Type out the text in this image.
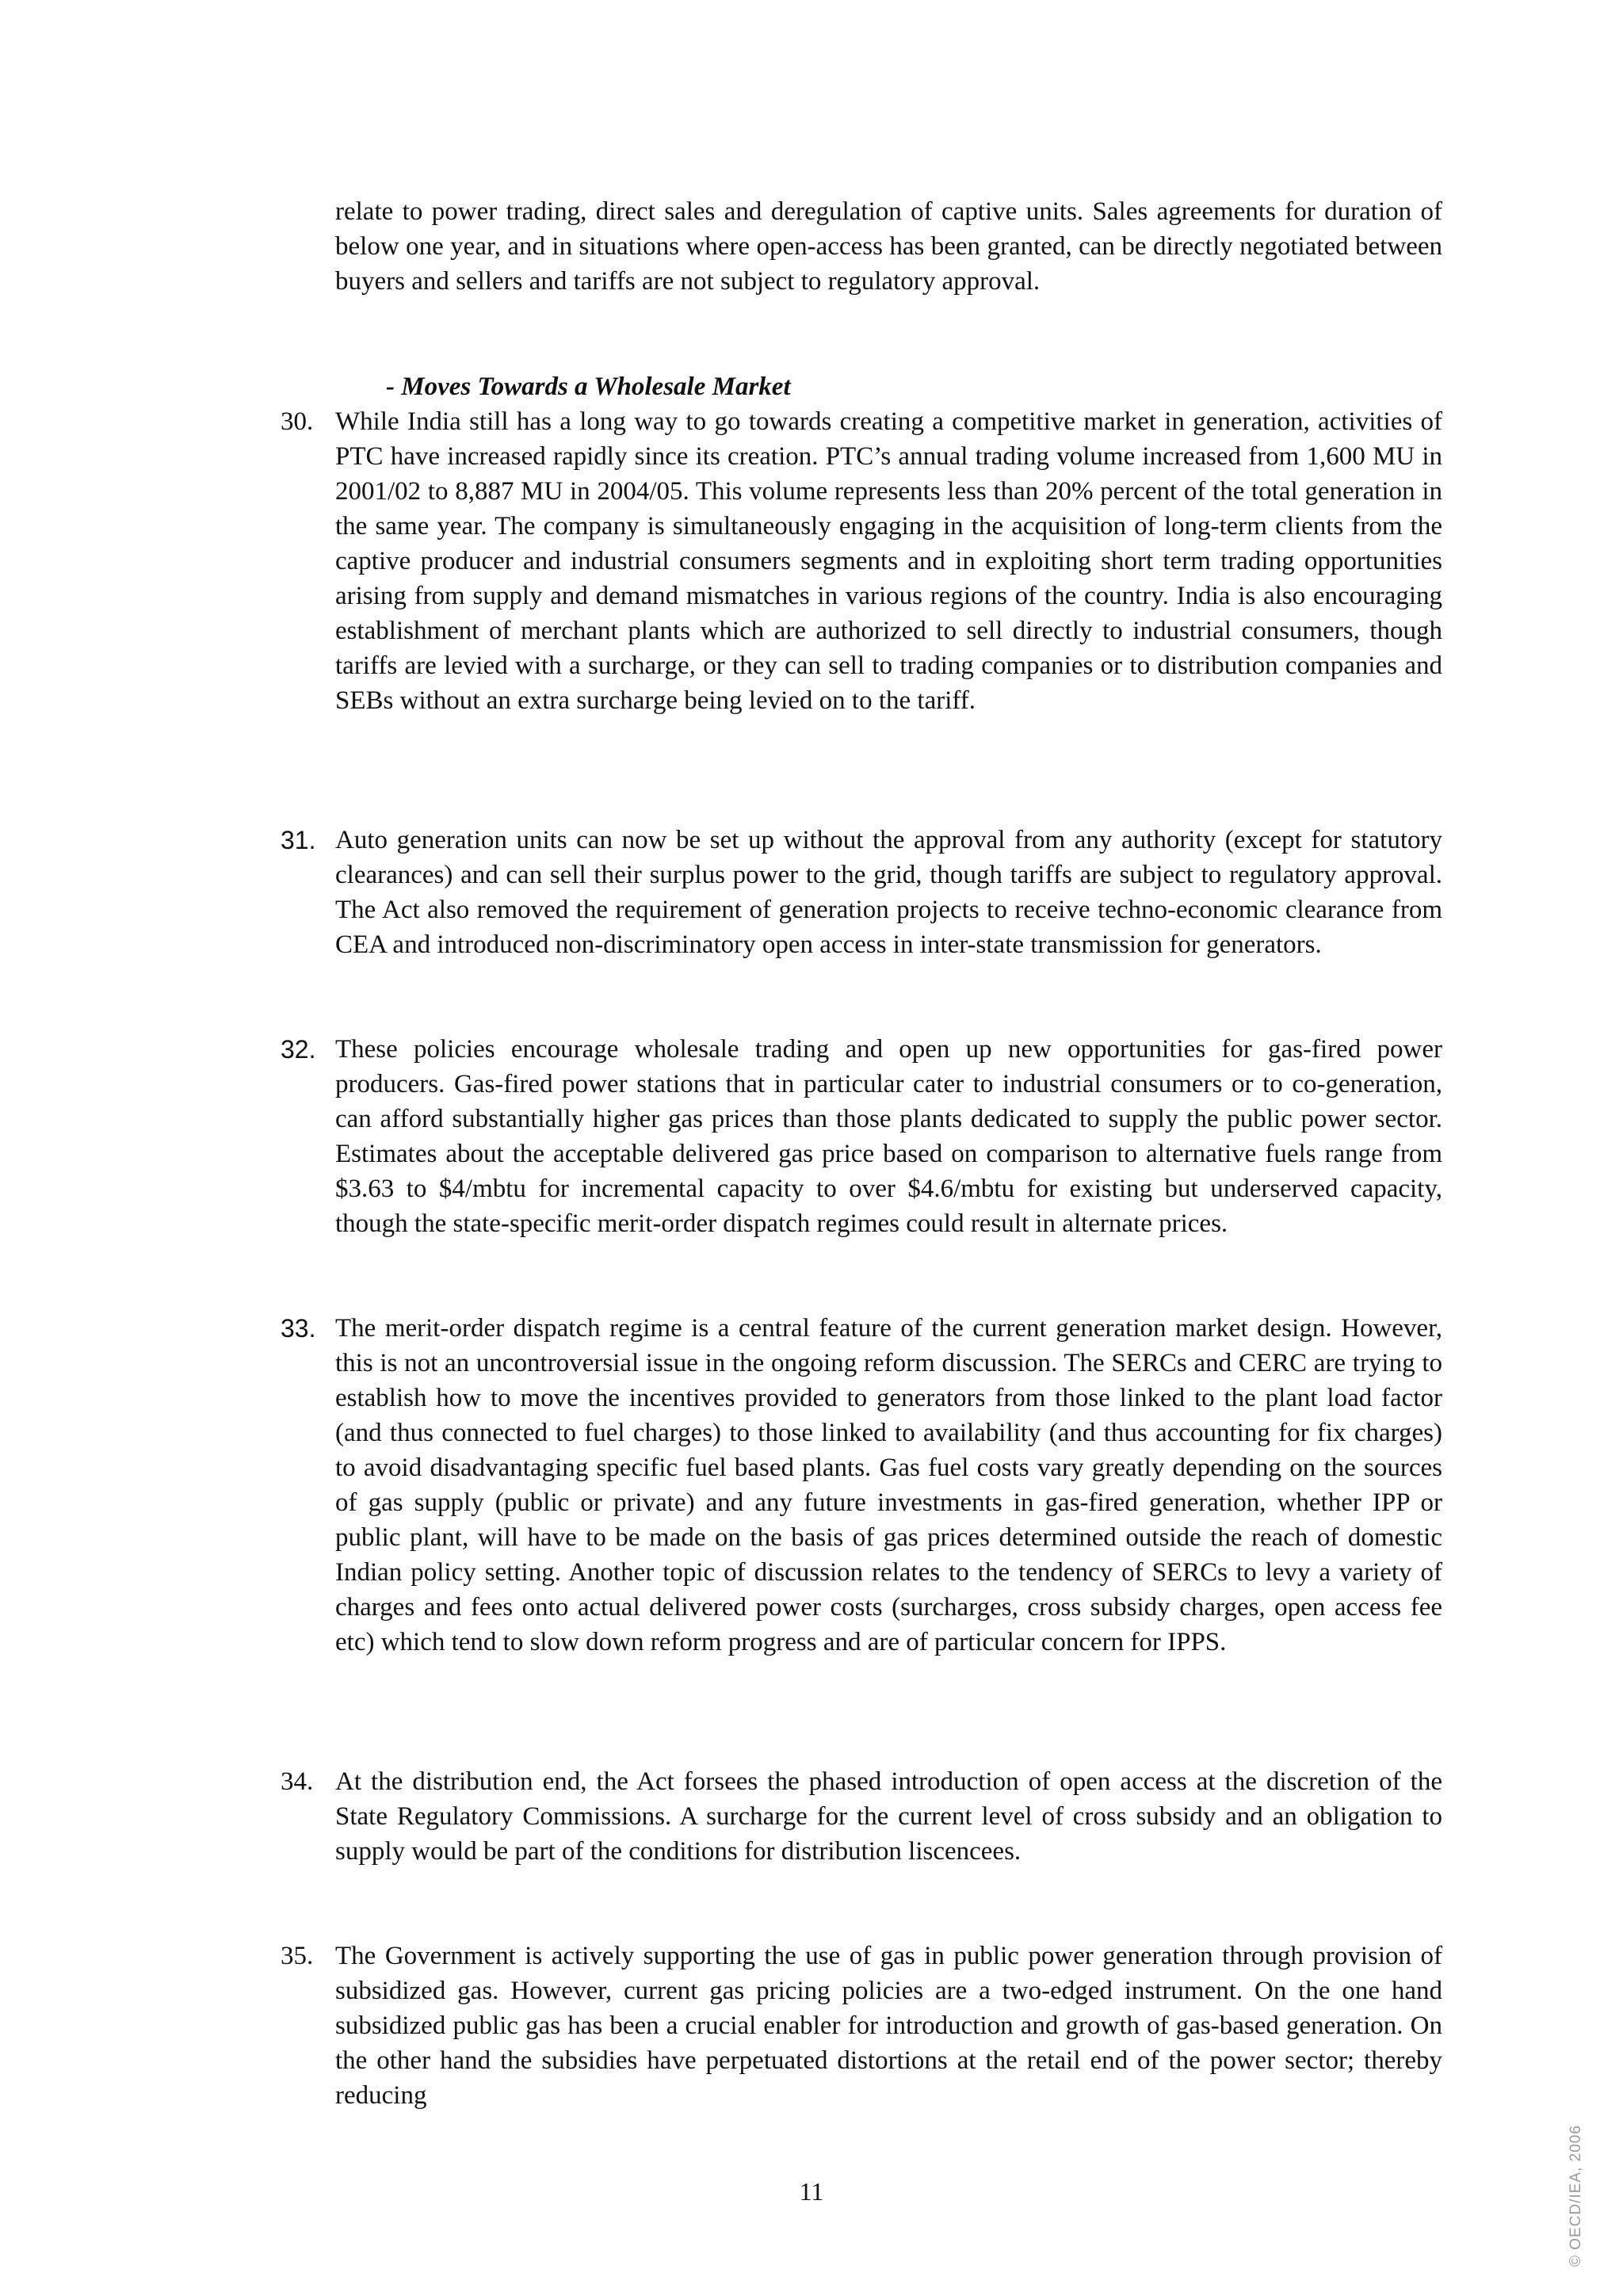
relate to power trading, direct sales and deregulation of captive units. Sales agreements for duration of below one year, and in situations where open-access has been granted, can be directly negotiated between buyers and sellers and tariffs are not subject to regulatory approval.
- Moves Towards a Wholesale Market
30. While India still has a long way to go towards creating a competitive market in generation, activities of PTC have increased rapidly since its creation. PTC’s annual trading volume increased from 1,600 MU in 2001/02 to 8,887 MU in 2004/05. This volume represents less than 20% percent of the total generation in the same year. The company is simultaneously engaging in the acquisition of long-term clients from the captive producer and industrial consumers segments and in exploiting short term trading opportunities arising from supply and demand mismatches in various regions of the country. India is also encouraging establishment of merchant plants which are authorized to sell directly to industrial consumers, though tariffs are levied with a surcharge, or they can sell to trading companies or to distribution companies and SEBs without an extra surcharge being levied on to the tariff.
31. Auto generation units can now be set up without the approval from any authority (except for statutory clearances) and can sell their surplus power to the grid, though tariffs are subject to regulatory approval. The Act also removed the requirement of generation projects to receive techno-economic clearance from CEA and introduced non-discriminatory open access in inter-state transmission for generators.
32. These policies encourage wholesale trading and open up new opportunities for gas-fired power producers. Gas-fired power stations that in particular cater to industrial consumers or to co-generation, can afford substantially higher gas prices than those plants dedicated to supply the public power sector. Estimates about the acceptable delivered gas price based on comparison to alternative fuels range from $3.63 to $4/mbtu for incremental capacity to over $4.6/mbtu for existing but underserved capacity, though the state-specific merit-order dispatch regimes could result in alternate prices.
33. The merit-order dispatch regime is a central feature of the current generation market design. However, this is not an uncontroversial issue in the ongoing reform discussion. The SERCs and CERC are trying to establish how to move the incentives provided to generators from those linked to the plant load factor (and thus connected to fuel charges) to those linked to availability (and thus accounting for fix charges) to avoid disadvantaging specific fuel based plants. Gas fuel costs vary greatly depending on the sources of gas supply (public or private) and any future investments in gas-fired generation, whether IPP or public plant, will have to be made on the basis of gas prices determined outside the reach of domestic Indian policy setting. Another topic of discussion relates to the tendency of SERCs to levy a variety of charges and fees onto actual delivered power costs (surcharges, cross subsidy charges, open access fee etc) which tend to slow down reform progress and are of particular concern for IPPS.
34. At the distribution end, the Act forsees the phased introduction of open access at the discretion of the State Regulatory Commissions. A surcharge for the current level of cross subsidy and an obligation to supply would be part of the conditions for distribution liscencees.
35. The Government is actively supporting the use of gas in public power generation through provision of subsidized gas. However, current gas pricing policies are a two-edged instrument. On the one hand subsidized public gas has been a crucial enabler for introduction and growth of gas-based generation. On the other hand the subsidies have perpetuated distortions at the retail end of the power sector; thereby reducing
11	© OECD/IEA, 2006
